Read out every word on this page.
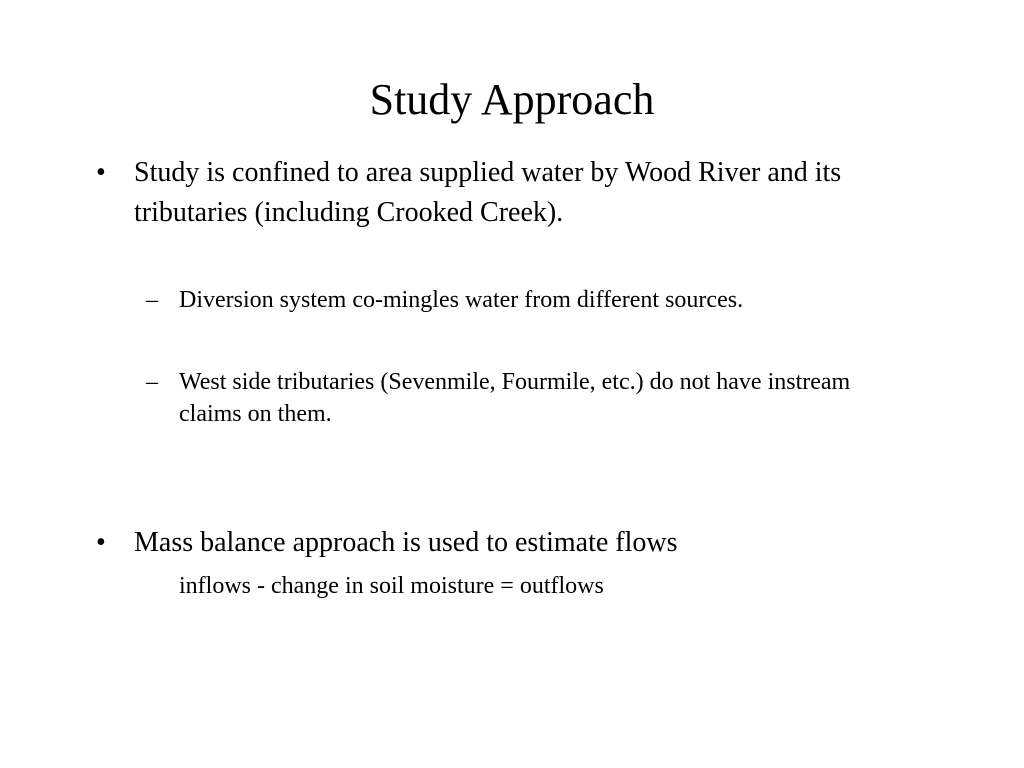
Study Approach
•	Study is confined to area supplied water by Wood River and its tributaries (including Crooked Creek).
– Diversion system co-mingles water from different sources.
– West side tributaries (Sevenmile, Fourmile, etc.) do not have instream claims on them.
•	Mass balance approach is used to estimate flows
inflows - change in soil moisture = outflows
